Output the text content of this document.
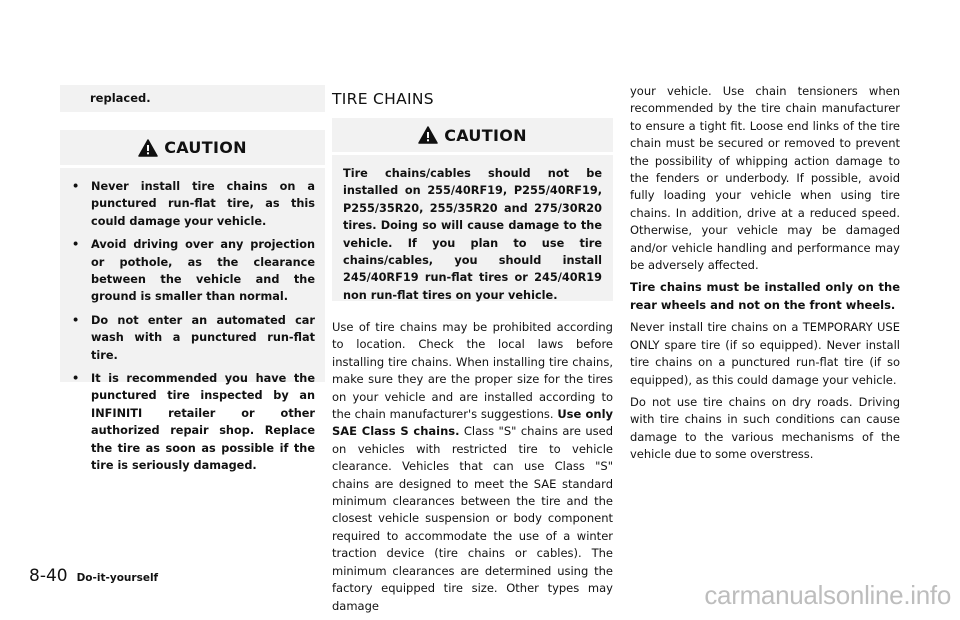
replaced.
CAUTION
• Never install tire chains on a punctured run-flat tire, as this could damage your vehicle.
• Avoid driving over any projection or pothole, as the clearance between the vehicle and the ground is smaller than normal.
• Do not enter an automated car wash with a punctured run-flat tire.
• It is recommended you have the punctured tire inspected by an INFINITI retailer or other authorized repair shop. Replace the tire as soon as possible if the tire is seriously damaged.
TIRE CHAINS
CAUTION
Tire chains/cables should not be installed on 255/40RF19, P255/40RF19, P255/35R20, 255/35R20 and 275/30R20 tires. Doing so will cause damage to the vehicle. If you plan to use tire chains/cables, you should install 245/40RF19 run-flat tires or 245/40R19 non run-flat tires on your vehicle.

Use of tire chains may be prohibited according to location. Check the local laws before installing tire chains. When installing tire chains, make sure they are the proper size for the tires on your vehicle and are installed according to the chain manufacturer's suggestions. Use only SAE Class S chains. Class "S" chains are used on vehicles with restricted tire to vehicle clearance. Vehicles that can use Class "S" chains are designed to meet the SAE standard minimum clearances between the tire and the closest vehicle suspension or body component required to accommodate the use of a winter traction device (tire chains or cables). The minimum clearances are determined using the factory equipped tire size. Other types may damage

your vehicle. Use chain tensioners when recommended by the tire chain manufacturer to ensure a tight fit. Loose end links of the tire chain must be secured or removed to prevent the possibility of whipping action damage to the fenders or underbody. If possible, avoid fully loading your vehicle when using tire chains. In addition, drive at a reduced speed. Otherwise, your vehicle may be damaged and/or vehicle handling and performance may be adversely affected.

Tire chains must be installed only on the rear wheels and not on the front wheels.

Never install tire chains on a TEMPORARY USE ONLY spare tire (if so equipped). Never install tire chains on a punctured run-flat tire (if so equipped), as this could damage your vehicle.

Do not use tire chains on dry roads. Driving with tire chains in such conditions can cause damage to the various mechanisms of the vehicle due to some overstress.

8-40 Do-it-yourself
carmanualsonline.info
